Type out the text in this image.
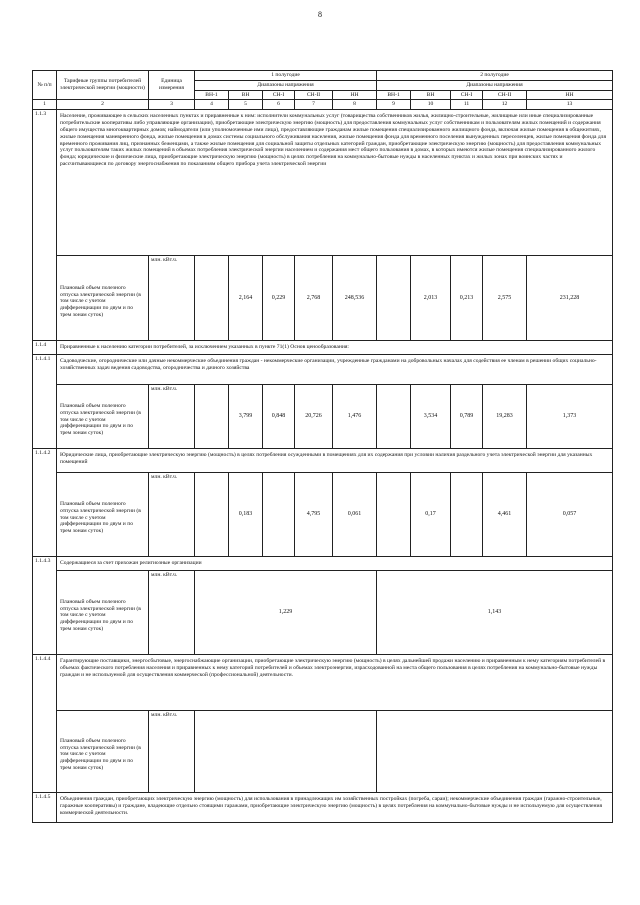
8
№ п/п	Тарифные группы потребителей электрической энергии (мощности)	Единица измерения	1 полугодие					2 полугодие				
			Диапазоны напряжения					Диапазоны напряжения				
			ВН-1	ВН	СН-I	СН-II	НН	ВН-1	ВН	СН-I	СН-II	НН
1	2	3	4	5	6	7	8	9	10	11	12	13
1.1.3	Население, проживающее в сельских населенных пунктах и приравненные к ним: исполнители коммунальных услуг (товарищества собственников жилья, жилищно-строительные, жилищные или иные специализированные потребительские кооперативы либо управляющие организации), приобретающие электрическую энергию (мощность) для предоставления коммунальных услуг собственникам и пользователям жилых помещений и содержания общего имущества многоквартирных домов; наймодатели (или уполномоченные ими лица), предоставляющие гражданам жилые помещения специализированного жилищного фонда, включая жилые помещения в общежитиях, жилые помещения маневренного фонда, жилые помещения в домах системы социального обслуживания населения, жилые помещения фонда для временного поселения вынужденных переселенцев, жилые помещения фонда для временного проживания лиц, признанных беженцами, а также жилые помещения для социальной защиты отдельных категорий граждан, приобретающие электрическую энергию (мощность) для предоставления коммунальных услуг пользователям таких жилых помещений в объемах потребления электрической энергии населением и содержания мест общего пользования в домах, в которых имеются жилые помещения специализированного жилого фонда; юридические и физические лица, приобретающие электрическую энергию (мощность) в целях потребления на коммунально-бытовые нужды в населенных пунктах и жилых зонах при воинских частях и рассчитывающиеся по договору энергоснабжения по показаниям общего прибора учета электрической энергии											
	Плановый объем полезного отпуска электрической энергии (в том числе с учетом дифференциации по двум и по трем зонам суток)	млн. кВт.ч.		2,164	0,229	2,768	248,536		2,013	0,213	2,575	231,228
1.1.4	Приравненные к населению категории потребителей, за исключением указанных в пункте 71(1) Основ ценообразования:											
1.1.4.1	Садоводческие, огороднические или дачные некоммерческие объединения граждан - некоммерческие организации, учрежденные гражданами на добровольных началах для содействия ее членам в решении общих социально-хозяйственных задач ведения садоводства, огородничества и дачного хозяйства											
	Плановый объем полезного отпуска электрической энергии (в том числе с учетом дифференциации по двум и по трем зонам суток)	млн. кВт.ч.		3,799	0,848	20,726	1,476		3,534	0,789	19,283	1,373
1.1.4.2	Юридические лица, приобретающие электрическую энергию (мощность) в целях потребления осужденными в помещениях для их содержания при условии наличия раздельного учета электрической энергии для указанных помещений											
	Плановый объем полезного отпуска электрической энергии (в том числе с учетом дифференциации по двум и по трем зонам суток)	млн. кВт.ч.		0,183		4,795	0,061		0,17		4,461	0,057
1.1.4.3	Содержащиеся за счет прихожан религиозные организации											
	Плановый объем полезного отпуска электрической энергии (в том числе с учетом дифференциации по двум и по трем зонам суток)	млн. кВт.ч.	1,229					1,143				
1.1.4.4	Гарантирующие поставщики, энергосбытовые, энергоснабжающие организации, приобретающие электрическую энергию (мощность) в целях дальнейшей продажи населению и приравненным к нему категориям потребителей в объемах фактического потребления населения и приравненных к нему категорий потребителей и объемах электроэнергии, израсходованной на места общего пользования в целях потребления на коммунально-бытовые нужды граждан и не используемой для осуществления коммерческой (профессиональной) деятельности.											
	Плановый объем полезного отпуска электрической энергии (в том числе с учетом дифференциации по двум и по трем зонам суток)	млн. кВт.ч.										
1.1.4.5	Объединения граждан, приобретающих электрическую энергию (мощность) для использования в принадлежащих им хозяйственных постройках (погреба, сараи); некоммерческие объединения граждан (гаражно-строительные, гаражные кооперативы) и граждане, владеющие отдельно стоящими гаражами, приобретающие электрическую энергию (мощность) в целях потребления на коммунально-бытовые нужды и не используемую для осуществления коммерческой деятельности.											
